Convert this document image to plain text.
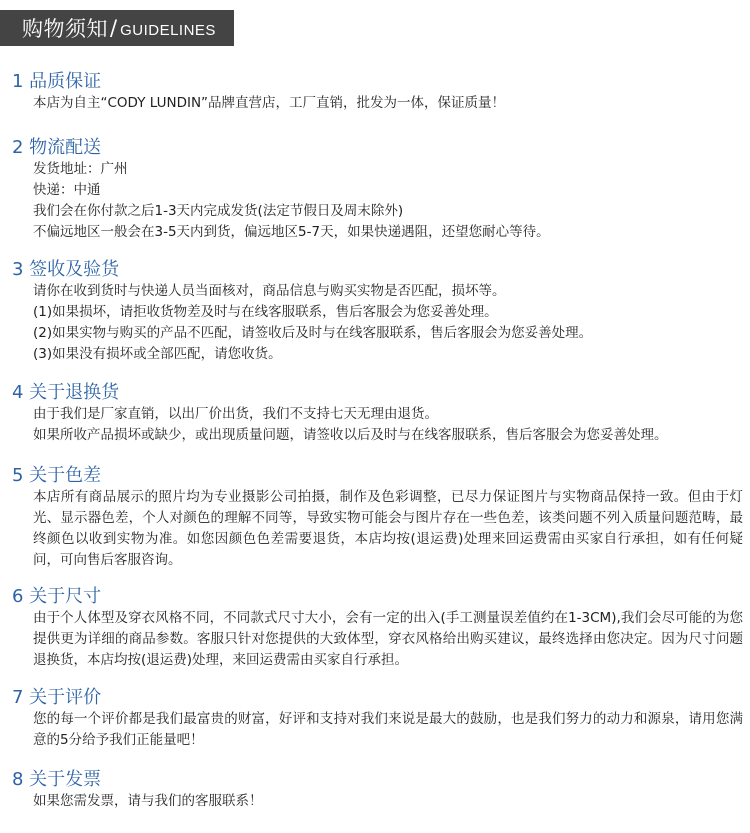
购物须知 / GUIDELINES
1 品质保证
本店为自主“CODY LUNDIN”品牌直营店，工厂直销，批发为一体，保证质量！
2 物流配送
发货地址：广州
快递：中通
我们会在你付款之后1-3天内完成发货(法定节假日及周末除外)
不偏远地区一般会在3-5天内到货，偏远地区5-7天，如果快递遇阻，还望您耐心等待。
3 签收及验货
请你在收到货时与快递人员当面核对，商品信息与购买实物是否匹配，损坏等。
(1)如果损坏，请拒收货物差及时与在线客服联系，售后客服会为您妥善处理。
(2)如果实物与购买的产品不匹配，请签收后及时与在线客服联系，售后客服会为您妥善处理。
(3)如果没有损坏或全部匹配，请您收货。
4 关于退换货
由于我们是厂家直销，以出厂价出货，我们不支持七天无理由退货。
如果所收产品损坏或缺少，或出现质量问题，请签收以后及时与在线客服联系，售后客服会为您妥善处理。
5 关于色差
本店所有商品展示的照片均为专业摄影公司拍摄，制作及色彩调整，已尽力保证图片与实物商品保持一致。但由于灯光、显示器色差，个人对颜色的理解不同等，导致实物可能会与图片存在一些色差，该类问题不列入质量问题范畴，最终颜色以收到实物为准。如您因颜色色差需要退货，本店均按(退运费)处理来回运费需由买家自行承担，如有任何疑问，可向售后客服咨询。
6 关于尺寸
由于个人体型及穿衣风格不同，不同款式尺寸大小，会有一定的出入(手工测量误差值约在1-3CM),我们会尽可能的为您提供更为详细的商品参数。客服只针对您提供的大致体型，穿衣风格给出购买建议，最终选择由您决定。因为尺寸问题退换货，本店均按(退运费)处理，来回运费需由买家自行承担。
7 关于评价
您的每一个评价都是我们最富贵的财富，好评和支持对我们来说是最大的鼓励，也是我们努力的动力和源泉，请用您满意的5分给予我们正能量吧！
8 关于发票
如果您需发票，请与我们的客服联系！
